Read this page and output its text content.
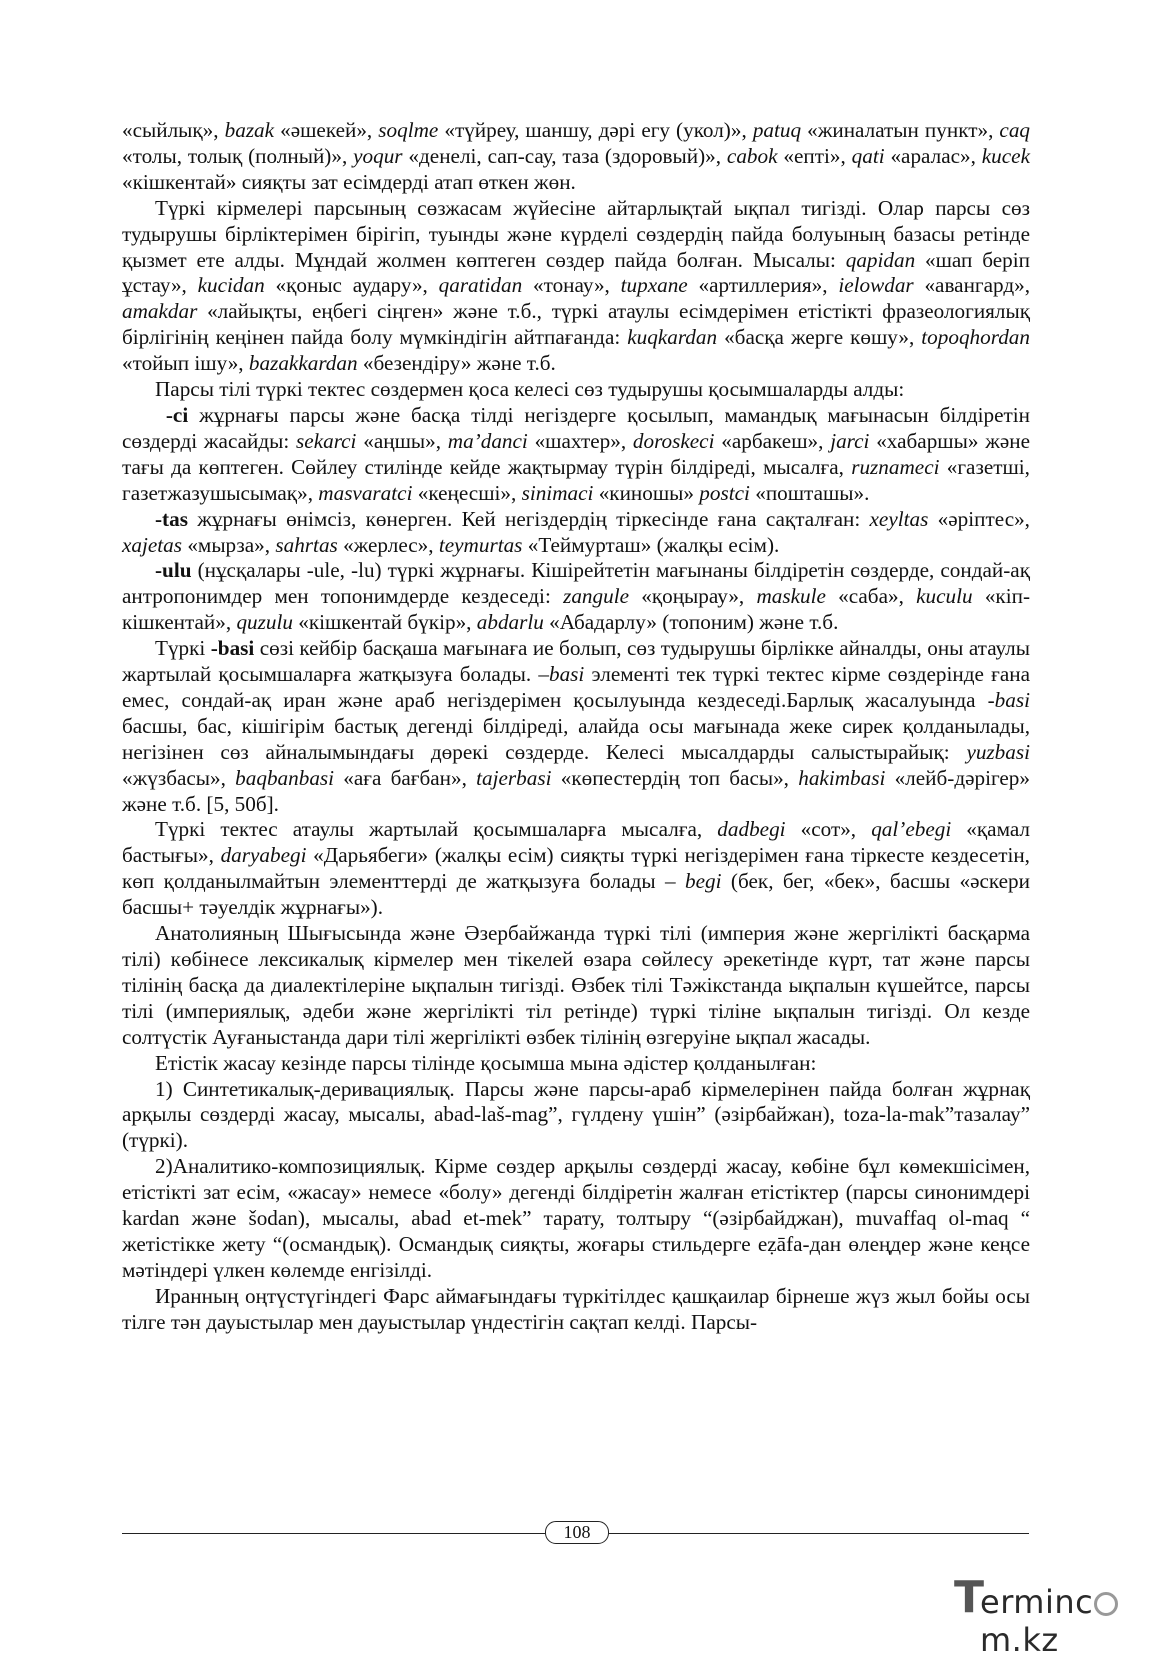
«сыйлық», bazak «әшекей», soqlme «түйреу, шаншу, дәрі егу (укол)», patuq «жиналатын пункт», caq «толы, толық (полный)», yoqur «денелі, сап-сау, таза (здоровый)», cabok «епті», qati «аралас», kucek «кішкентай» сияқты зат есімдерді атап өткен жөн.

Түркі кірмелері парсының сөзжасам жүйесіне айтарлықтай ықпал тигізді. Олар парсы сөз тудырушы бірліктерімен бірігіп, туынды және күрделі сөздердің пайда болуының базасы ретінде қызмет ете алды. Мұндай жолмен көптеген сөздер пайда болған. Мысалы: qapidan «шап беріп ұстау», kucidan «қоныс аудару», qaratidan «тонау», tupxane «артиллерия», ielowdar «авангард», amakdar «лайықты, еңбегі сіңген» және т.б., түркі атаулы есімдерімен етістікті фразеологиялық бірлігінің кеңінен пайда болу мүмкіндігін айтпағанда: kuqkardan «басқа жерге көшу», topoqhordan «тойып ішу», bazakkardan «безендіру» және т.б.

Парсы тілі түркі тектес сөздермен қоса келесі сөз тудырушы қосымшаларды алды:

-ci жұрнағы парсы және басқа тілді негіздерге қосылып, мамандық мағынасын білдіретін сөздерді жасайды: sekarci «аңшы», ma’danci «шахтер», doroskeci «арбакеш», jarci «хабаршы» және тағы да көптеген. Сөйлеу стилінде кейде жақтырмау түрін білдіреді, мысалға, ruznameci «газетші, газетжазушысымақ», masvaratci «кеңесші», sinimaci «киношы» postci «пошташы».

-tas жұрнағы өнімсіз, көнерген. Кей негіздердің тіркесінде ғана сақталған: xeyltas «әріптес», xajetas «мырза», sahrtas «жерлес», teymurtas «Теймурташ» (жалқы есім).

-ulu (нұсқалары -ule, -lu) түркі жұрнағы. Кішірейтетін мағынаны білдіретін сөздерде, сондай-ақ антропонимдер мен топонимдерде кездеседі: zangule «қоңырау», maskule «саба», kuculu «кіп-кішкентай», quzulu «кішкентай бүкір», abdarlu «Абадарлу» (топоним) және т.б.

Түркі -basi сөзі кейбір басқаша мағынаға ие болып, сөз тудырушы бірлікке айналды, оны атаулы жартылай қосымшаларға жатқызуға болады. –basi элементі тек түркі тектес кірме сөздерінде ғана емес, сондай-ақ иран және араб негіздерімен қосылуында кездеседі.Барлық жасалуында -basi басшы, бас, кішігірім бастық дегенді білдіреді, алайда осы мағынада жеке сирек қолданылады, негізінен сөз айналымындағы дөрекі сөздерде. Келесі мысалдарды салыстырайық: yuzbasi «жүзбасы», baqbanbasi «аға бағбан», tajerbasi «көпестердің топ басы», hakimbasi «лейб-дәрігер» және т.б. [5, 50б].

Түркі тектес атаулы жартылай қосымшаларға мысалға, dadbegi «сот», qal’ebegi «қамал бастығы», daryabegi «Дарьябеги» (жалқы есім) сияқты түркі негіздерімен ғана тіркесте кездесетін, көп қолданылмайтын элементтерді де жатқызуға болады – begi (бек, бег, «бек», басшы «әскери басшы+ тәуелдік жұрнағы»).

Анатолияның Шығысында және Әзербайжанда түркі тілі (империя және жергілікті басқарма тілі) көбінесе лексикалық кірмелер мен тікелей өзара сөйлесу әрекетінде күрт, тат және парсы тілінің басқа да диалектілеріне ықпалын тигізді. Өзбек тілі Тәжікстанда ықпалын күшейтсе, парсы тілі (империялық, әдеби және жергілікті тіл ретінде) түркі тіліне ықпалын тигізді. Ол кезде солтүстік Ауғаныстанда дари тілі жергілікті өзбек тілінің өзгеруіне ықпал жасады.

Етістік жасау кезінде парсы тілінде қосымша мына әдістер қолданылған:

1) Синтетикалық-деривациялық. Парсы және парсы-араб кірмелерінен пайда болған жұрнақ арқылы сөздерді жасау, мысалы, abad-laš-mag”, гүлдену үшін” (әзірбайжан), toza-la-mak”тазалау” (түркі).

2)Аналитико-композициялық. Кірме сөздер арқылы сөздерді жасау, көбіне бұл көмекшісімен, етістікті зат есім, «жасау» немесе «болу» дегенді білдіретін жалған етістіктер (парсы синонимдері kardan және šodan), мысалы, abad et-mek” тарату, толтыру “(әзірбайджан), muvaffaq ol-maq “ жетістікке жету “(османдық). Османдық сияқты, жоғары стильдерге eẓāfa-дан өлеңдер және кеңсе мәтіндері үлкен көлемде енгізілді.

Иранның оңтүстүгіндегі Фарс аймағындағы түркітілдес қашқаилар бірнеше жүз жыл бойы осы тілге тән дауыстылар мен дауыстылар үндестігін сақтап келді. Парсы-

108
T
ermincm.kz
